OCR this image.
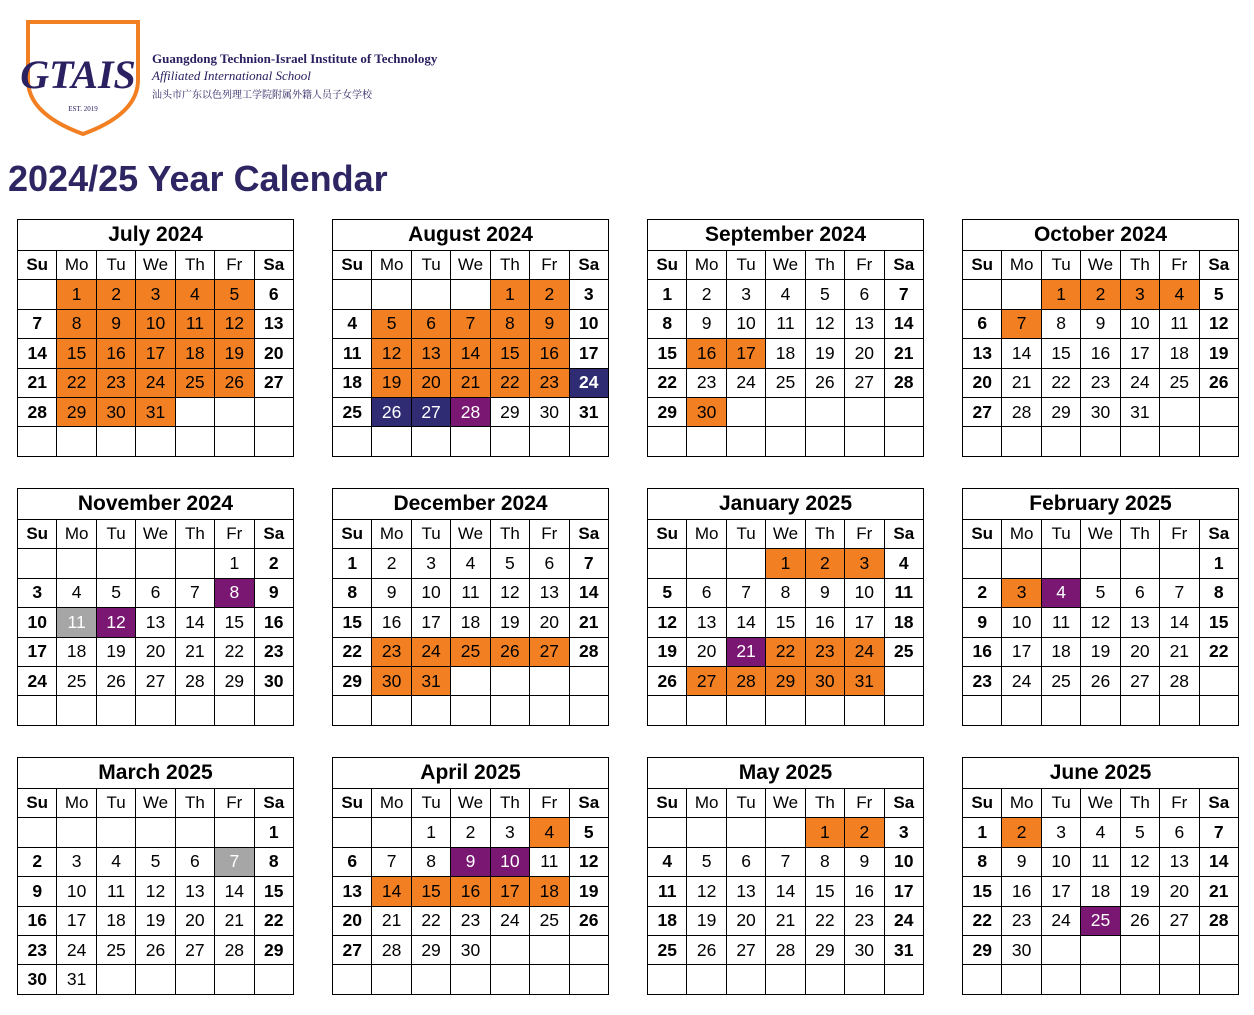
GTAIS
EST. 2019
Guangdong Technion-Israel Institute of Technology
Affiliated International School
汕头市广东以色列理工学院附属外籍人员子女学校
2024/25 Year Calendar
July 2024						
Su	Mo	Tu	We	Th	Fr	Sa
	1	2	3	4	5	6
7	8	9	10	11	12	13
14	15	16	17	18	19	20
21	22	23	24	25	26	27
28	29	30	31			

August 2024						
Su	Mo	Tu	We	Th	Fr	Sa
				1	2	3
4	5	6	7	8	9	10
11	12	13	14	15	16	17
18	19	20	21	22	23	24
25	26	27	28	29	30	31

September 2024						
Su	Mo	Tu	We	Th	Fr	Sa
1	2	3	4	5	6	7
8	9	10	11	12	13	14
15	16	17	18	19	20	21
22	23	24	25	26	27	28
29	30					

October 2024						
Su	Mo	Tu	We	Th	Fr	Sa
		1	2	3	4	5
6	7	8	9	10	11	12
13	14	15	16	17	18	19
20	21	22	23	24	25	26
27	28	29	30	31		

November 2024						
Su	Mo	Tu	We	Th	Fr	Sa
					1	2
3	4	5	6	7	8	9
10	11	12	13	14	15	16
17	18	19	20	21	22	23
24	25	26	27	28	29	30

December 2024						
Su	Mo	Tu	We	Th	Fr	Sa
1	2	3	4	5	6	7
8	9	10	11	12	13	14
15	16	17	18	19	20	21
22	23	24	25	26	27	28
29	30	31				

January 2025						
Su	Mo	Tu	We	Th	Fr	Sa
			1	2	3	4
5	6	7	8	9	10	11
12	13	14	15	16	17	18
19	20	21	22	23	24	25
26	27	28	29	30	31	

February 2025						
Su	Mo	Tu	We	Th	Fr	Sa
						1
2	3	4	5	6	7	8
9	10	11	12	13	14	15
16	17	18	19	20	21	22
23	24	25	26	27	28	

March 2025						
Su	Mo	Tu	We	Th	Fr	Sa
						1
2	3	4	5	6	7	8
9	10	11	12	13	14	15
16	17	18	19	20	21	22
23	24	25	26	27	28	29
30	31					
April 2025						
Su	Mo	Tu	We	Th	Fr	Sa
		1	2	3	4	5
6	7	8	9	10	11	12
13	14	15	16	17	18	19
20	21	22	23	24	25	26
27	28	29	30			

May 2025						
Su	Mo	Tu	We	Th	Fr	Sa
				1	2	3
4	5	6	7	8	9	10
11	12	13	14	15	16	17
18	19	20	21	22	23	24
25	26	27	28	29	30	31

June 2025						
Su	Mo	Tu	We	Th	Fr	Sa
1	2	3	4	5	6	7
8	9	10	11	12	13	14
15	16	17	18	19	20	21
22	23	24	25	26	27	28
29	30					
